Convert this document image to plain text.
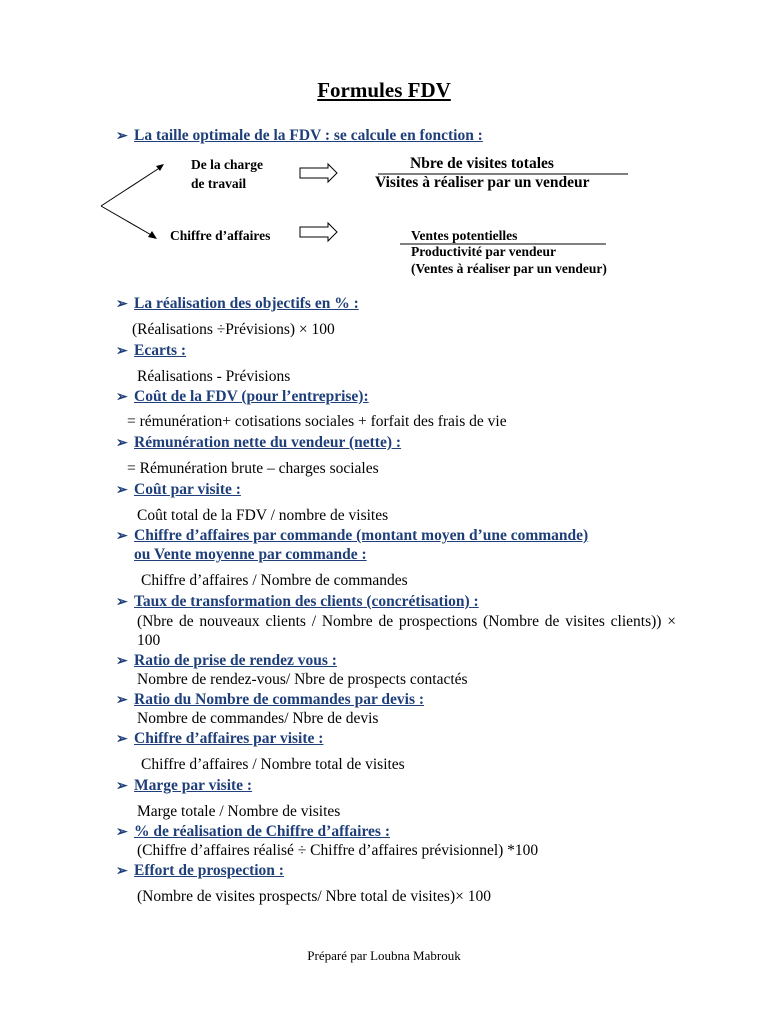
Formules FDV
➢ La taille optimale de la FDV : se calcule en fonction :
De la charge
de travail
Nbre de visites totales
Visites à réaliser par un vendeur
Chiffre d’affaires	Ventes potentielles
Productivité par vendeur
(Ventes à réaliser par un vendeur)
➢ La réalisation des objectifs en % :
(Réalisations ÷Prévisions) × 100
➢ Ecarts :
Réalisations - Prévisions
➢ Coût de la FDV (pour l’entreprise):
= rémunération+ cotisations sociales + forfait des frais de vie
➢ Rémunération nette du vendeur (nette) :
= Rémunération brute – charges sociales
➢ Coût par visite :
Coût total de la FDV / nombre de visites
➢ Chiffre d’affaires par commande (montant moyen d’une commande)
ou Vente moyenne par commande :
Chiffre d’affaires / Nombre de commandes
➢ Taux de transformation des clients (concrétisation) :
(Nbre de nouveaux clients / Nombre de prospections (Nombre de visites clients)) × 100
➢ Ratio de prise de rendez vous :
Nombre de rendez-vous/ Nbre de prospects contactés
➢ Ratio du Nombre de commandes par devis :
Nombre de commandes/ Nbre de devis
➢ Chiffre d’affaires par visite :
Chiffre d’affaires / Nombre total de visites
➢ Marge par visite :
Marge totale / Nombre de visites
➢ % de réalisation de Chiffre d’affaires :
(Chiffre d’affaires réalisé ÷ Chiffre d’affaires prévisionnel) *100
➢ Effort de prospection :
(Nombre de visites prospects/ Nbre total de visites)× 100
Préparé par Loubna Mabrouk
